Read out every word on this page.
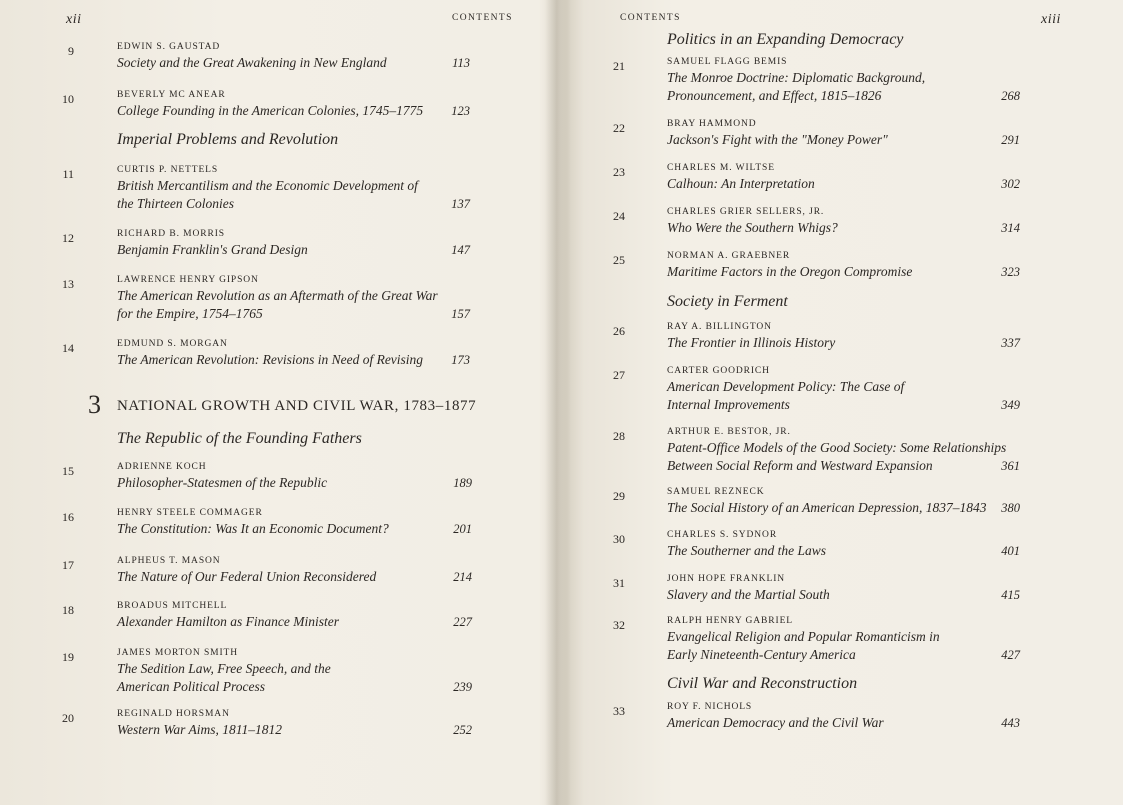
xii	CONTENTS
9	EDWIN S. GAUSTAD
Society and the Great Awakening in New England	113
10	BEVERLY MC ANEAR
College Founding in the American Colonies, 1745–1775	123
Imperial Problems and Revolution
11	CURTIS P. NETTELS
British Mercantilism and the Economic Development of
the Thirteen Colonies	137
12	RICHARD B. MORRIS
Benjamin Franklin's Grand Design	147
13	LAWRENCE HENRY GIPSON
The American Revolution as an Aftermath of the Great War
for the Empire, 1754–1765	157
14	EDMUND S. MORGAN
The American Revolution: Revisions in Need of Revising	173
3 NATIONAL GROWTH AND CIVIL WAR, 1783–1877
The Republic of the Founding Fathers
15	ADRIENNE KOCH
Philosopher-Statesmen of the Republic	189
16	HENRY STEELE COMMAGER
The Constitution: Was It an Economic Document?	201
17	ALPHEUS T. MASON
The Nature of Our Federal Union Reconsidered	214
18	BROADUS MITCHELL
Alexander Hamilton as Finance Minister	227
19	JAMES MORTON SMITH
The Sedition Law, Free Speech, and the
American Political Process	239
20	REGINALD HORSMAN
Western War Aims, 1811–1812	252
CONTENTS	xiii
Politics in an Expanding Democracy
21	SAMUEL FLAGG BEMIS
The Monroe Doctrine: Diplomatic Background,
Pronouncement, and Effect, 1815–1826	268
22	BRAY HAMMOND
Jackson's Fight with the "Money Power"	291
23	CHARLES M. WILTSE
Calhoun: An Interpretation	302
24	CHARLES GRIER SELLERS, JR.
Who Were the Southern Whigs?	314
25	NORMAN A. GRAEBNER
Maritime Factors in the Oregon Compromise	323
Society in Ferment
26	RAY A. BILLINGTON
The Frontier in Illinois History	337
27	CARTER GOODRICH
American Development Policy: The Case of
Internal Improvements	349
28	ARTHUR E. BESTOR, JR.
Patent-Office Models of the Good Society: Some Relationships
Between Social Reform and Westward Expansion	361
29	SAMUEL REZNECK
The Social History of an American Depression, 1837–1843	380
30	CHARLES S. SYDNOR
The Southerner and the Laws	401
31	JOHN HOPE FRANKLIN
Slavery and the Martial South	415
32	RALPH HENRY GABRIEL
Evangelical Religion and Popular Romanticism in
Early Nineteenth-Century America	427
Civil War and Reconstruction
33	ROY F. NICHOLS
American Democracy and the Civil War	443
